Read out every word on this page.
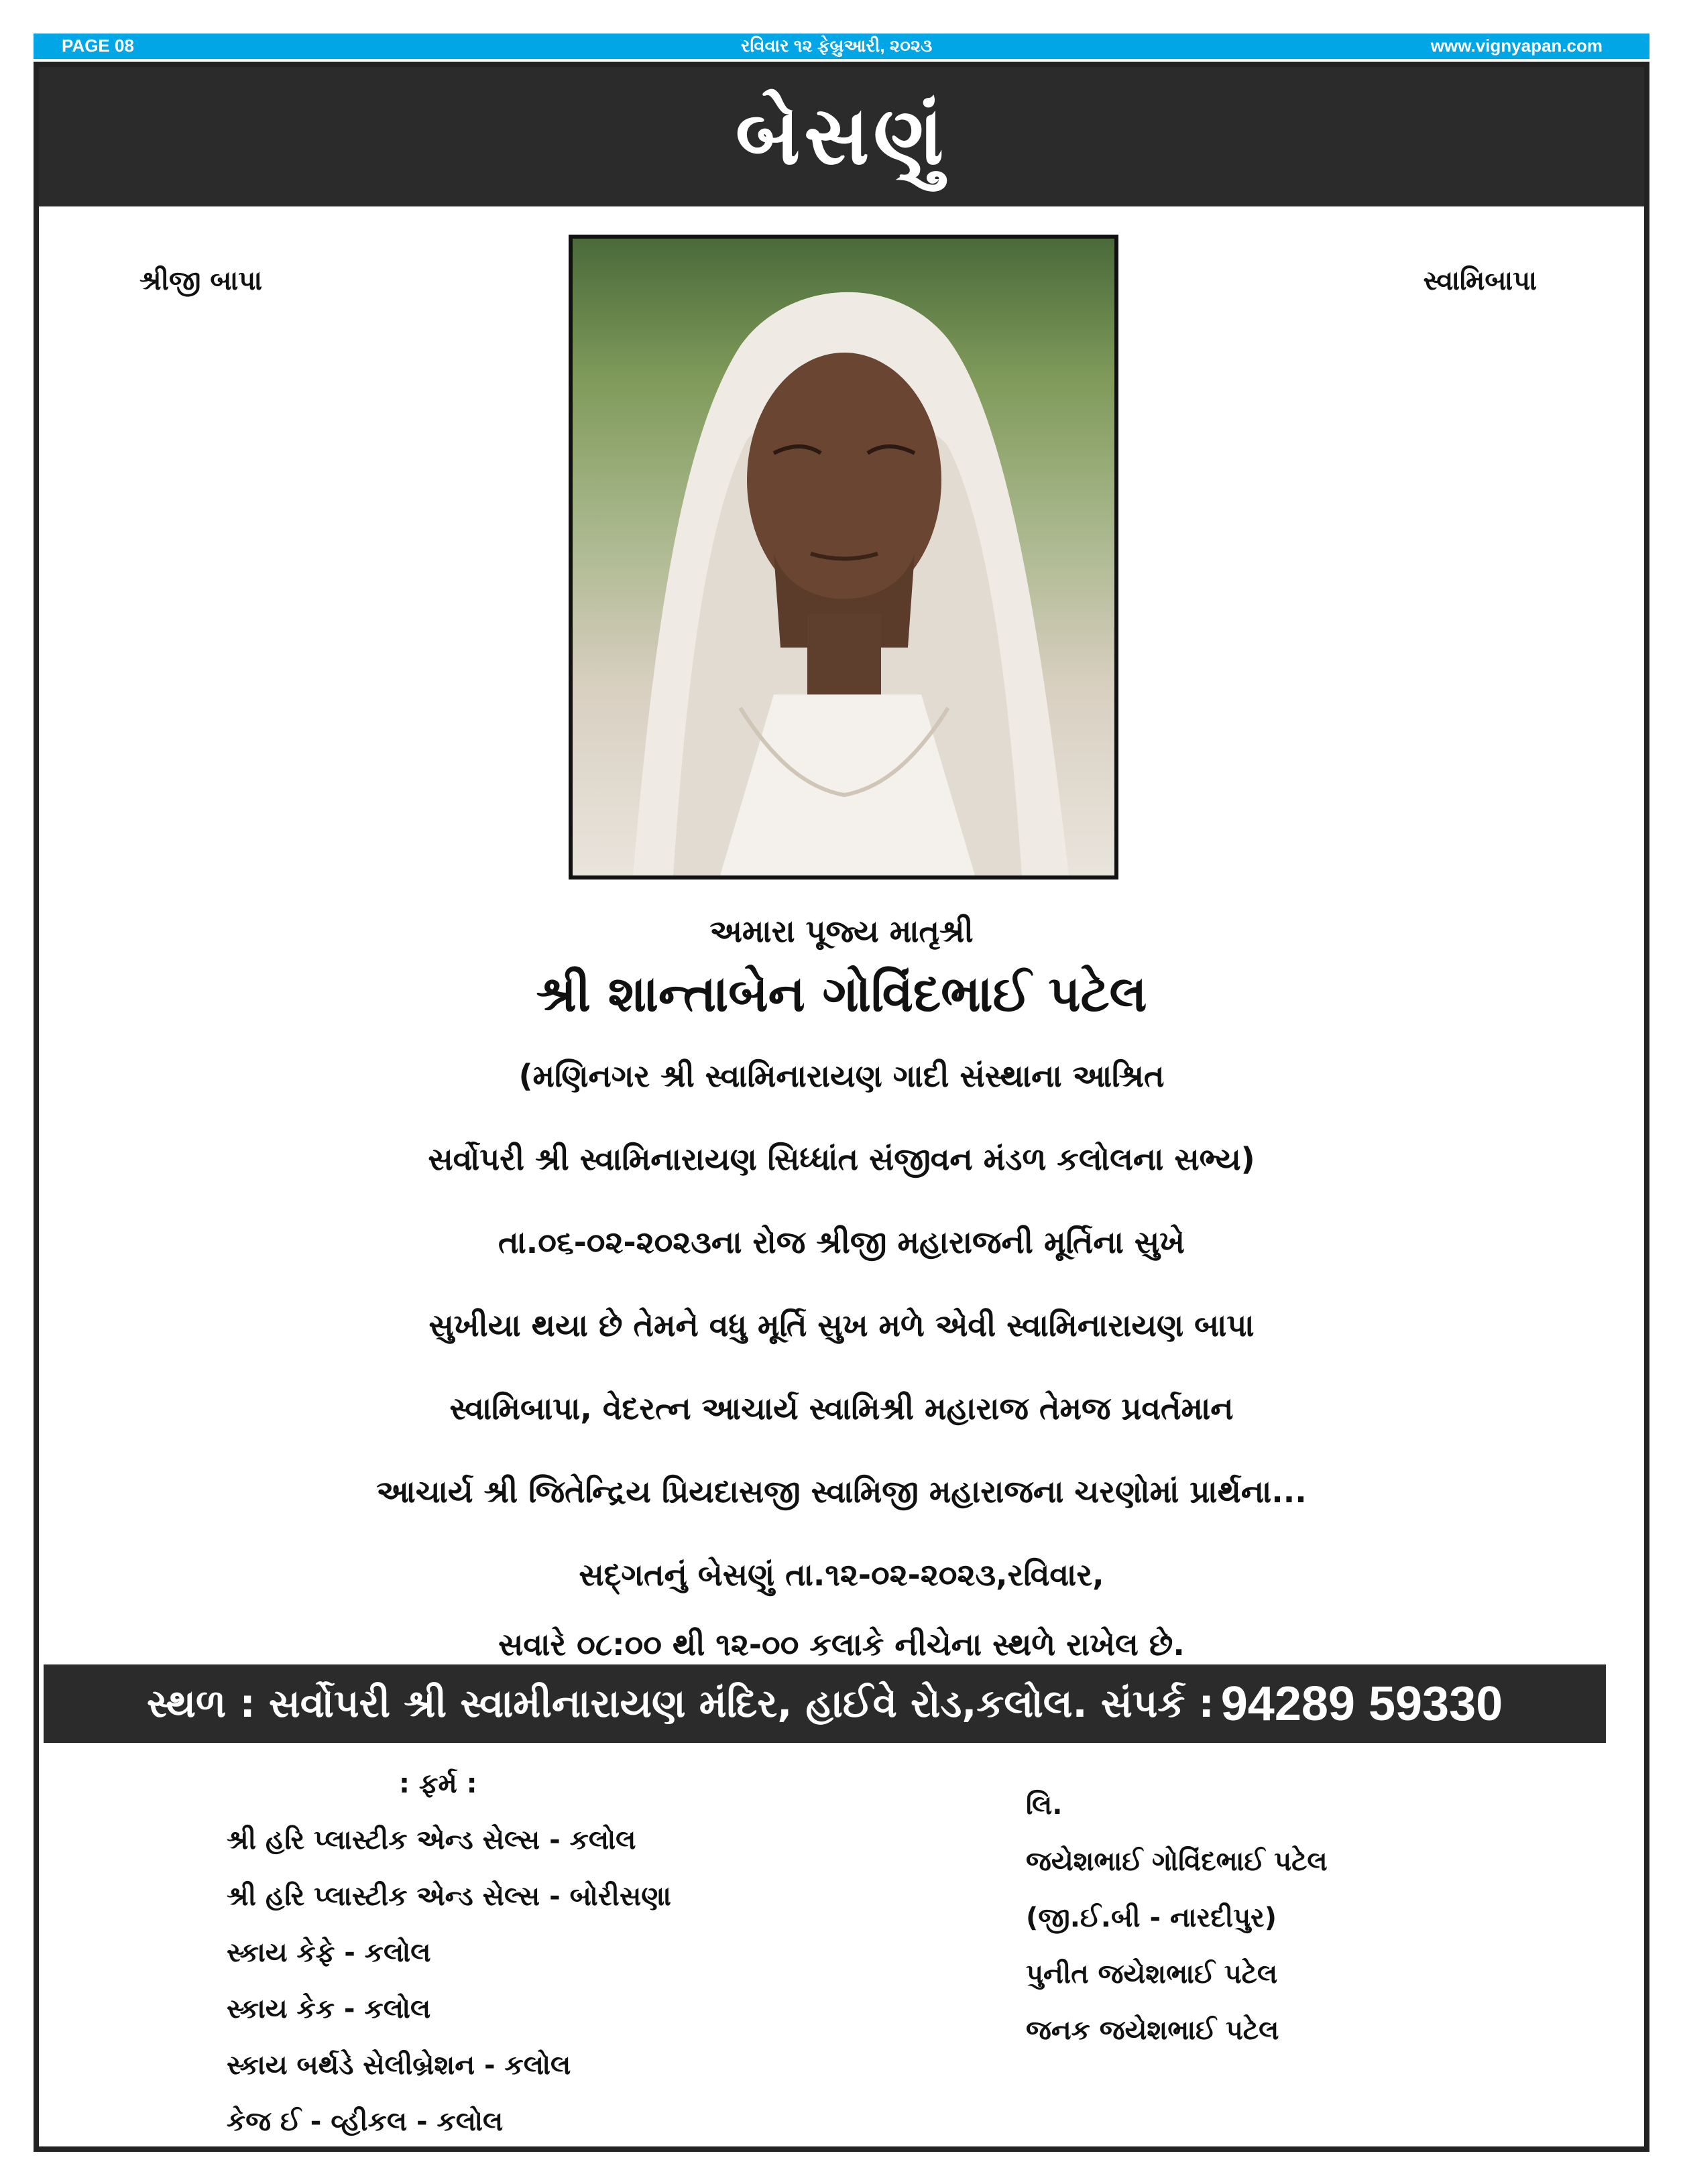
PAGE 08	રવિવાર ૧૨ ફેબ્રુઆરી, ૨૦૨૩	www.vignyapan.com
બેસણું
શ્રીજી બાપા	સ્વામિબાપા
અમારા પૂજ્ય માતૃશ્રી
શ્રી શાન્તાબેન ગોવિંદભાઈ પટેલ
(મણિનગર શ્રી સ્વામિનારાયણ ગાદી સંસ્થાના આશ્રિત
સર્વોપરી શ્રી સ્વામિનારાયણ સિધ્ધાંત સંજીવન મંડળ કલોલના સભ્ય)
તા.૦૬-૦૨-૨૦૨૩ના રોજ શ્રીજી મહારાજની મૂર્તિના સુખે
સુખીયા થયા છે તેમને વધુ મૂર્તિ સુખ મળે એવી સ્વામિનારાયણ બાપા
સ્વામિબાપા, વેદરત્ન આચાર્ય સ્વામિશ્રી મહારાજ તેમજ પ્રવર્તમાન
આચાર્ય શ્રી જિતેન્દ્રિય પ્રિયદાસજી સ્વામિજી મહારાજના ચરણોમાં પ્રાર્થના...
સદ્‌ગતનું બેસણું તા.૧૨-૦૨-૨૦૨૩,રવિવાર,
સવારે ૦૮:૦૦ થી ૧૨-૦૦ કલાકે નીચેના સ્થળે રાખેલ છે.
સ્થળ : સર્વોપરી શ્રી સ્વામીનારાયણ મંદિર, હાઈવે રોડ,કલોલ. સંપર્ક : 94289 59330
: ફર્મ :
શ્રી હરિ પ્લાસ્ટીક એન્ડ સેલ્સ - કલોલ
શ્રી હરિ પ્લાસ્ટીક એન્ડ સેલ્સ - બોરીસણા
સ્કાય કેફે - કલોલ
સ્કાય કેક - કલોલ
સ્કાય બર્થડે સેલીબ્રેશન - કલોલ
કેજ ઈ - વ્હીકલ - કલોલ
લિ.
જયેશભાઈ ગોવિંદભાઈ પટેલ
(જી.ઈ.બી - નારદીપુર)
પુનીત જયેશભાઈ પટેલ
જનક જયેશભાઈ પટેલ
